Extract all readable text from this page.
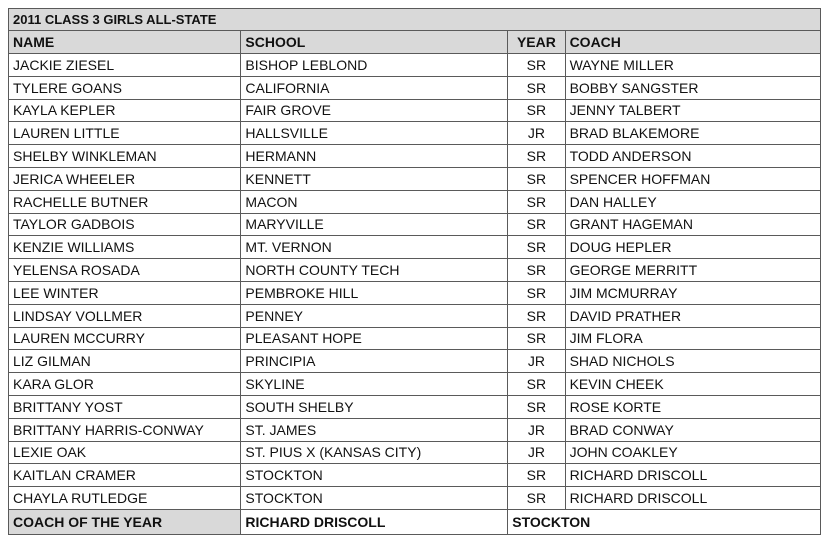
2011 CLASS 3 GIRLS ALL-STATE			
NAME	SCHOOL	YEAR	COACH
JACKIE ZIESEL	BISHOP LEBLOND	SR	WAYNE MILLER
TYLERE GOANS	CALIFORNIA	SR	BOBBY SANGSTER
KAYLA KEPLER	FAIR GROVE	SR	JENNY TALBERT
LAUREN LITTLE	HALLSVILLE	JR	BRAD BLAKEMORE
SHELBY WINKLEMAN	HERMANN	SR	TODD ANDERSON
JERICA WHEELER	KENNETT	SR	SPENCER HOFFMAN
RACHELLE BUTNER	MACON	SR	DAN HALLEY
TAYLOR GADBOIS	MARYVILLE	SR	GRANT HAGEMAN
KENZIE WILLIAMS	MT. VERNON	SR	DOUG HEPLER
YELENSA ROSADA	NORTH COUNTY TECH	SR	GEORGE MERRITT
LEE WINTER	PEMBROKE HILL	SR	JIM MCMURRAY
LINDSAY VOLLMER	PENNEY	SR	DAVID PRATHER
LAUREN MCCURRY	PLEASANT HOPE	SR	JIM FLORA
LIZ GILMAN	PRINCIPIA	JR	SHAD NICHOLS
KARA GLOR	SKYLINE	SR	KEVIN CHEEK
BRITTANY YOST	SOUTH SHELBY	SR	ROSE KORTE
BRITTANY HARRIS-CONWAY	ST. JAMES	JR	BRAD CONWAY
LEXIE OAK	ST. PIUS X (KANSAS CITY)	JR	JOHN COAKLEY
KAITLAN CRAMER	STOCKTON	SR	RICHARD DRISCOLL
CHAYLA RUTLEDGE	STOCKTON	SR	RICHARD DRISCOLL
COACH OF THE YEAR	RICHARD DRISCOLL	STOCKTON	
